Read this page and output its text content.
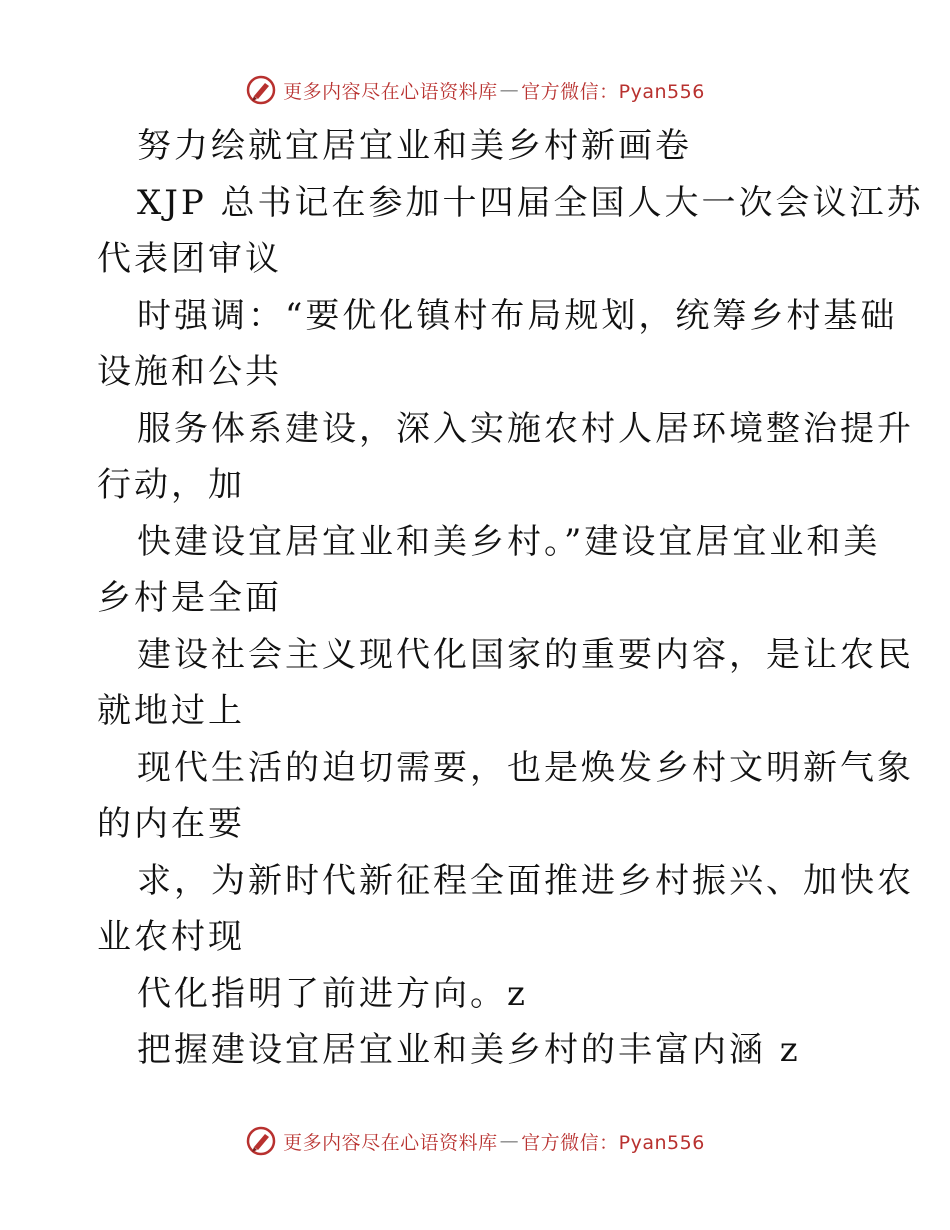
更多内容尽在心语资料库 — 官方微信：Pyan556
努力绘就宜居宜业和美乡村新画卷
XJP 总书记在参加十四届全国人大一次会议江苏
代表团审议
时强调：“要优化镇村布局规划，统筹乡村基础
设施和公共
服务体系建设，深入实施农村人居环境整治提升
行动，加
快建设宜居宜业和美乡村。”建设宜居宜业和美
乡村是全面
建设社会主义现代化国家的重要内容，是让农民
就地过上
现代生活的迫切需要，也是焕发乡村文明新气象
的内在要
求，为新时代新征程全面推进乡村振兴、加快农
业农村现
代化指明了前进方向。z
把握建设宜居宜业和美乡村的丰富内涵 z
更多内容尽在心语资料库 — 官方微信：Pyan556
